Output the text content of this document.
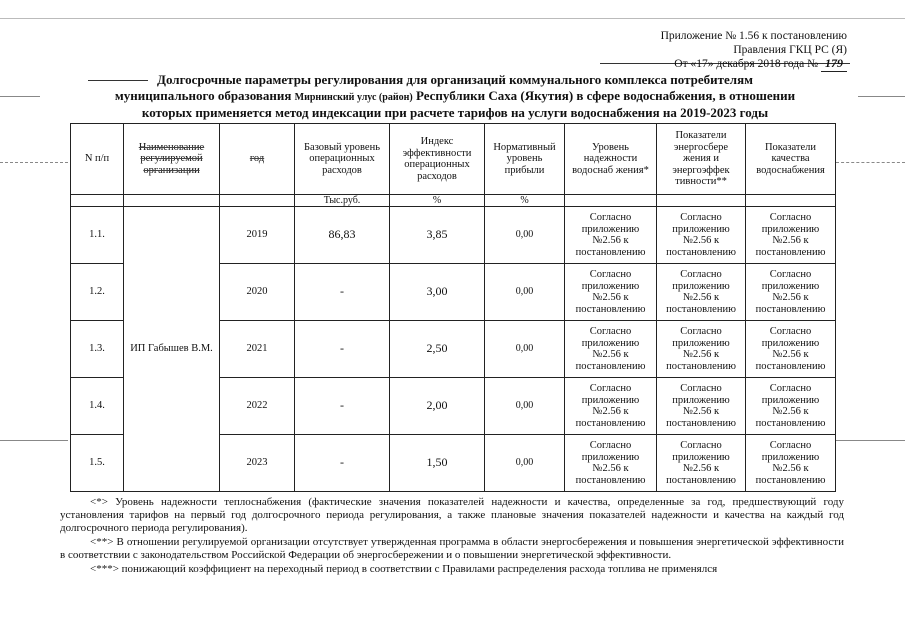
Приложение № 1.56 к постановлению
Правления ГКЦ РС (Я)
От «17» декабря 2018 года № 179
Долгосрочные параметры регулирования для организаций коммунального комплекса потребителям
муниципального образования Мирнинский улус (район) Республики Саха (Якутия) в сфере водоснабжения, в отношении
которых применяется метод индексации при расчете тарифов на услуги водоснабжения на 2019-2023 годы
N п/п	Наименование регулируемой организации	год	Базовый уровень операционных расходов	Индекс эффективности операционных расходов	Нормативный уровень прибыли	Уровень надежности водоснаб жения*	Показатели энергосбере жения и энергоэффек тивности**	Показатели качества водоснабжения
			Тыс.руб.	%	%			
1.1.	ИП Габышев В.М.	2019	86,83	3,85	0,00	Согласно приложению №2.56 к постановлению	Согласно приложению №2.56 к постановлению	Согласно приложению №2.56 к постановлению
1.2.		2020	-	3,00	0,00	Согласно приложению №2.56 к постановлению	Согласно приложению №2.56 к постановлению	Согласно приложению №2.56 к постановлению
1.3.		2021	-	2,50	0,00	Согласно приложению №2.56 к постановлению	Согласно приложению №2.56 к постановлению	Согласно приложению №2.56 к постановлению
1.4.		2022	-	2,00	0,00	Согласно приложению №2.56 к постановлению	Согласно приложению №2.56 к постановлению	Согласно приложению №2.56 к постановлению
1.5.		2023	-	1,50	0,00	Согласно приложению №2.56 к постановлению	Согласно приложению №2.56 к постановлению	Согласно приложению №2.56 к постановлению

<*> Уровень надежности теплоснабжения (фактические значения показателей надежности и качества, определенные за год, предшествующий году установления тарифов на первый год долгосрочного периода регулирования, а также плановые значения показателей надежности и качества на каждый год долгосрочного периода регулирования).

<**> В отношении регулируемой организации отсутствует утвержденная программа в области энергосбережения и повышения энергетической эффективности в соответствии с законодательством Российской Федерации об энергосбережении и о повышении энергетической эффективности.

<***> понижающий коэффициент на переходный период в соответствии с Правилами распределения расхода топлива не применялся
